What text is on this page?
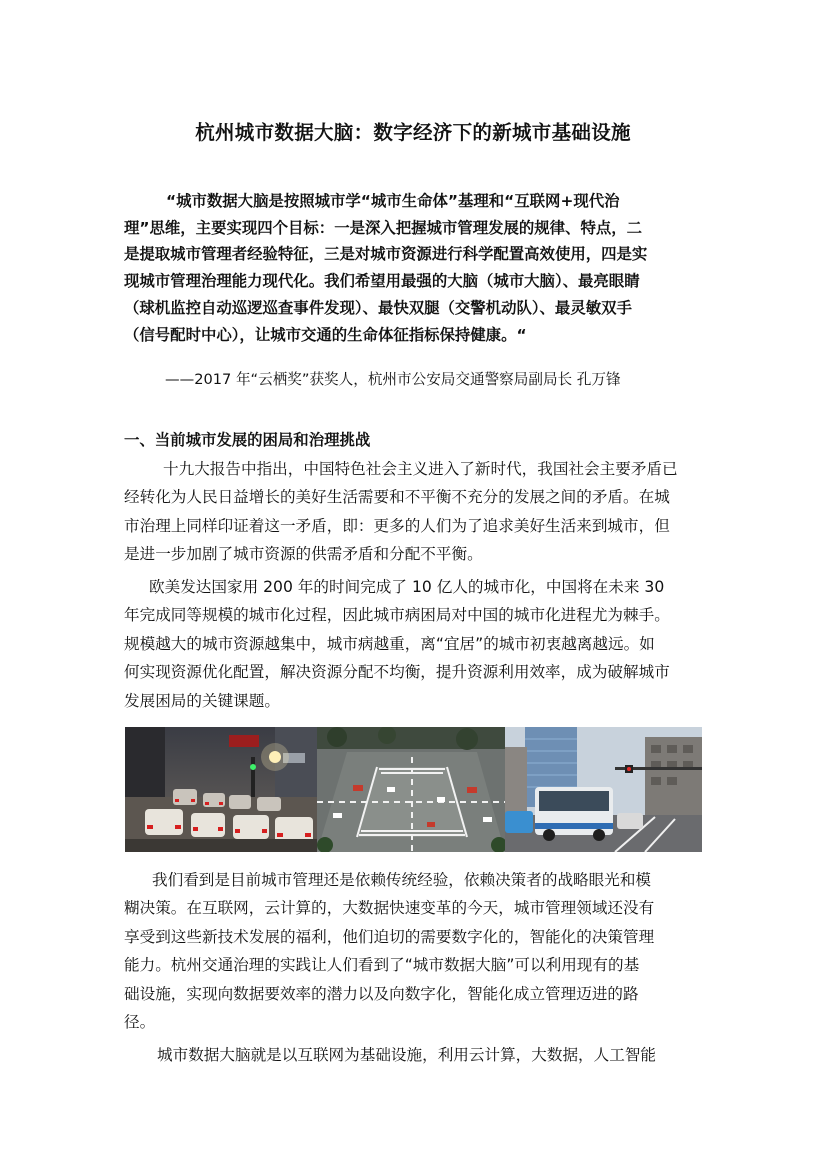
杭州城市数据大脑：数字经济下的新城市基础设施

“城市数据大脑是按照城市学“城市生命体”基理和“互联网+现代治

理”思维，主要实现四个目标：一是深入把握城市管理发展的规律、特点，二

是提取城市管理者经验特征，三是对城市资源进行科学配置高效使用，四是实

现城市管理治理能力现代化。我们希望用最强的大脑（城市大脑）、最亮眼睛

（球机监控自动巡逻巡查事件发现）、最快双腿（交警机动队）、最灵敏双手

（信号配时中心），让城市交通的生命体征指标保持健康。“

——2017 年“云栖奖”获奖人，杭州市公安局交通警察局副局长 孔万锋
一、当前城市发展的困局和治理挑战

十九大报告中指出，中国特色社会主义进入了新时代，我国社会主要矛盾已

经转化为人民日益增长的美好生活需要和不平衡不充分的发展之间的矛盾。在城

市治理上同样印证着这一矛盾，即：更多的人们为了追求美好生活来到城市，但

是进一步加剧了城市资源的供需矛盾和分配不平衡。

欧美发达国家用 200 年的时间完成了 10 亿人的城市化，中国将在未来 30

年完成同等规模的城市化过程，因此城市病困局对中国的城市化进程尤为棘手。

规模越大的城市资源越集中，城市病越重，离“宜居”的城市初衷越离越远。如

何实现资源优化配置，解决资源分配不均衡，提升资源利用效率，成为破解城市

发展困局的关键课题。

我们看到是目前城市管理还是依赖传统经验，依赖决策者的战略眼光和模

糊决策。在互联网，云计算的，大数据快速变革的今天，城市管理领域还没有

享受到这些新技术发展的福利，他们迫切的需要数字化的，智能化的决策管理

能力。杭州交通治理的实践让人们看到了“城市数据大脑”可以利用现有的基

础设施，实现向数据要效率的潜力以及向数字化，智能化成立管理迈进的路

径。

城市数据大脑就是以互联网为基础设施，利用云计算，大数据，人工智能
